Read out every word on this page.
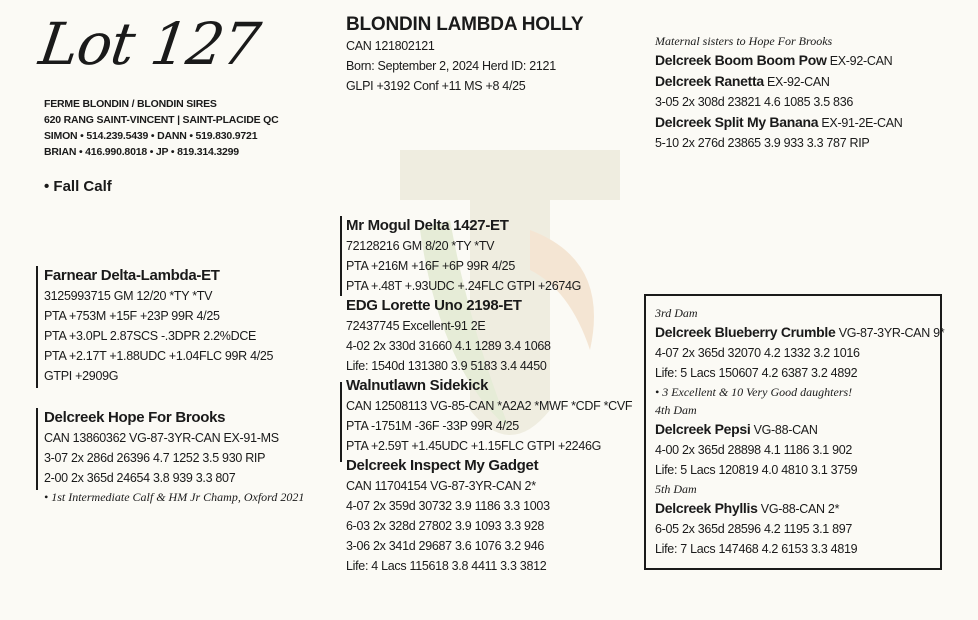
Lot 127
FERME BLONDIN / BLONDIN SIRES
620 RANG SAINT-VINCENT | SAINT-PLACIDE QC
SIMON • 514.239.5439 • DANN • 519.830.9721
BRIAN • 416.990.8018 • JP • 819.314.3299
• Fall Calf
BLONDIN LAMBDA HOLLY
CAN 121802121
Born: September 2, 2024 Herd ID: 2121
GLPI +3192 Conf +11 MS +8 4/25
Farnear Delta-Lambda-ET
3125993715 GM 12/20 *TY *TV
PTA +753M +15F +23P 99R 4/25
PTA +3.0PL 2.87SCS -.3DPR 2.2%DCE
PTA +2.17T +1.88UDC +1.04FLC 99R 4/25
GTPI +2909G
Delcreek Hope For Brooks
CAN 13860362 VG-87-3YR-CAN EX-91-MS
3-07 2x 286d 26396 4.7 1252 3.5 930 RIP
2-00 2x 365d 24654 3.8 939 3.3 807
• 1st Intermediate Calf & HM Jr Champ, Oxford 2021
Mr Mogul Delta 1427-ET
72128216 GM 8/20 *TY *TV
PTA +216M +16F +6P 99R 4/25
PTA +.48T +.93UDC +.24FLC GTPI +2674G
EDG Lorette Uno 2198-ET
72437745 Excellent-91 2E
4-02 2x 330d 31660 4.1 1289 3.4 1068
Life: 1540d 131380 3.9 5183 3.4 4450
Walnutlawn Sidekick
CAN 12508113 VG-85-CAN *A2A2 *MWF *CDF *CVF
PTA -1751M -36F -33P 99R 4/25
PTA +2.59T +1.45UDC +1.15FLC GTPI +2246G
Delcreek Inspect My Gadget
CAN 11704154 VG-87-3YR-CAN 2*
4-07 2x 359d 30732 3.9 1186 3.3 1003
6-03 2x 328d 27802 3.9 1093 3.3 928
3-06 2x 341d 29687 3.6 1076 3.2 946
Life: 4 Lacs 115618 3.8 4411 3.3 3812
Maternal sisters to Hope For Brooks
Delcreek Boom Boom Pow EX-92-CAN
Delcreek Ranetta EX-92-CAN
3-05 2x 308d 23821 4.6 1085 3.5 836
Delcreek Split My Banana EX-91-2E-CAN
5-10 2x 276d 23865 3.9 933 3.3 787 RIP
3rd Dam
Delcreek Blueberry Crumble VG-87-3YR-CAN 9*
4-07 2x 365d 32070 4.2 1332 3.2 1016
Life: 5 Lacs 150607 4.2 6387 3.2 4892
• 3 Excellent & 10 Very Good daughters!
4th Dam
Delcreek Pepsi VG-88-CAN
4-00 2x 365d 28898 4.1 1186 3.1 902
Life: 5 Lacs 120819 4.0 4810 3.1 3759
5th Dam
Delcreek Phyllis VG-88-CAN 2*
6-05 2x 365d 28596 4.2 1195 3.1 897
Life: 7 Lacs 147468 4.2 6153 3.3 4819
